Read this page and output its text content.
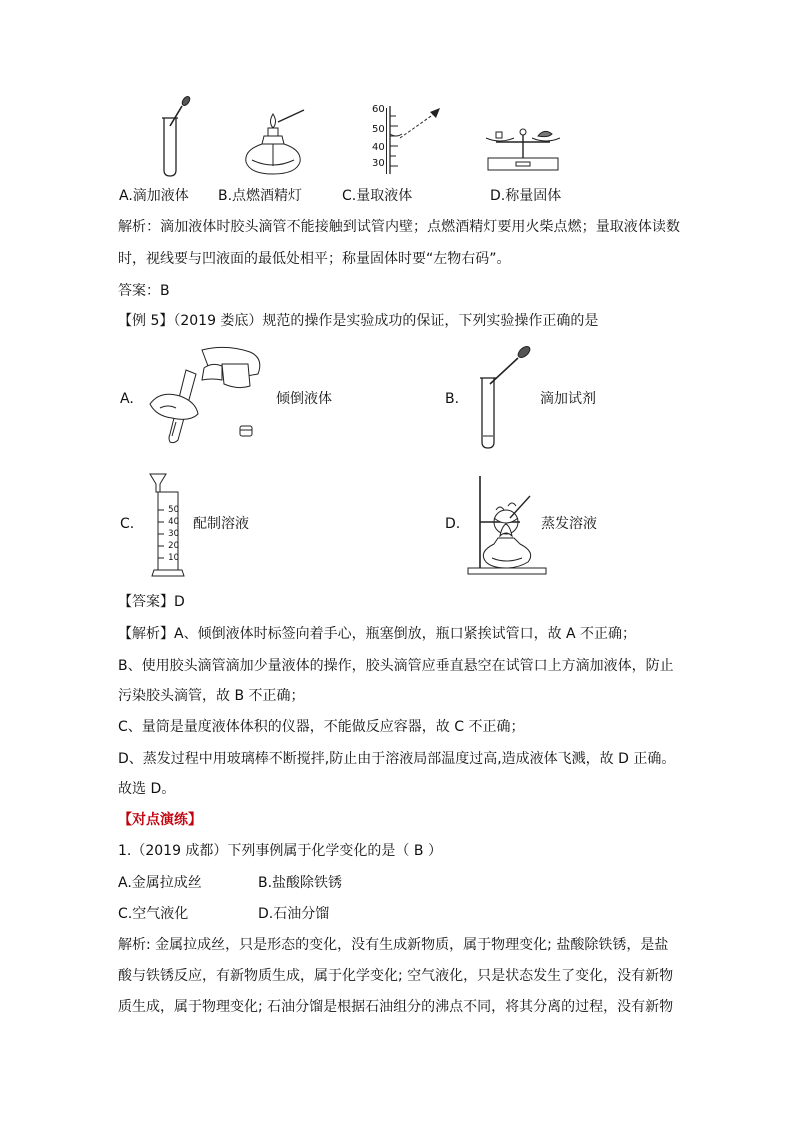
60
50
40
30
A.滴加液体 B.点燃酒精灯	C.量取液体	D.称量固体
解析：滴加液体时胶头滴管不能接触到试管内壁；点燃酒精灯要用火柴点燃；量取液体读数
时，视线要与凹液面的最低处相平；称量固体时要“左物右码”。
答案：B
【例 5】（2019 娄底）规范的操作是实验成功的保证，下列实验操作正确的是
A.	倾倒液体	B.	滴加试剂
C.
50
40
30
20
10
配制溶液	D.	蒸发溶液
【答案】D
【解析】A、倾倒液体时标签向着手心，瓶塞倒放，瓶口紧挨试管口，故 A 不正确；
B、使用胶头滴管滴加少量液体的操作，胶头滴管应垂直悬空在试管口上方滴加液体，防止
污染胶头滴管，故 B 不正确；
C、量筒是量度液体体积的仪器，不能做反应容器，故 C 不正确；
D、蒸发过程中用玻璃棒不断搅拌,防止由于溶液局部温度过高,造成液体飞溅，故 D 正确。
故选 D。
【对点演练】
1.（2019 成都）下列事例属于化学变化的是（ B ）
A.金属拉成丝	B.盐酸除铁锈
C.空气液化	D.石油分馏
解析: 金属拉成丝，只是形态的变化，没有生成新物质，属于物理变化; 盐酸除铁锈，是盐
酸与铁锈反应，有新物质生成，属于化学变化; 空气液化，只是状态发生了变化，没有新物
质生成，属于物理变化; 石油分馏是根据石油组分的沸点不同，将其分离的过程，没有新物
